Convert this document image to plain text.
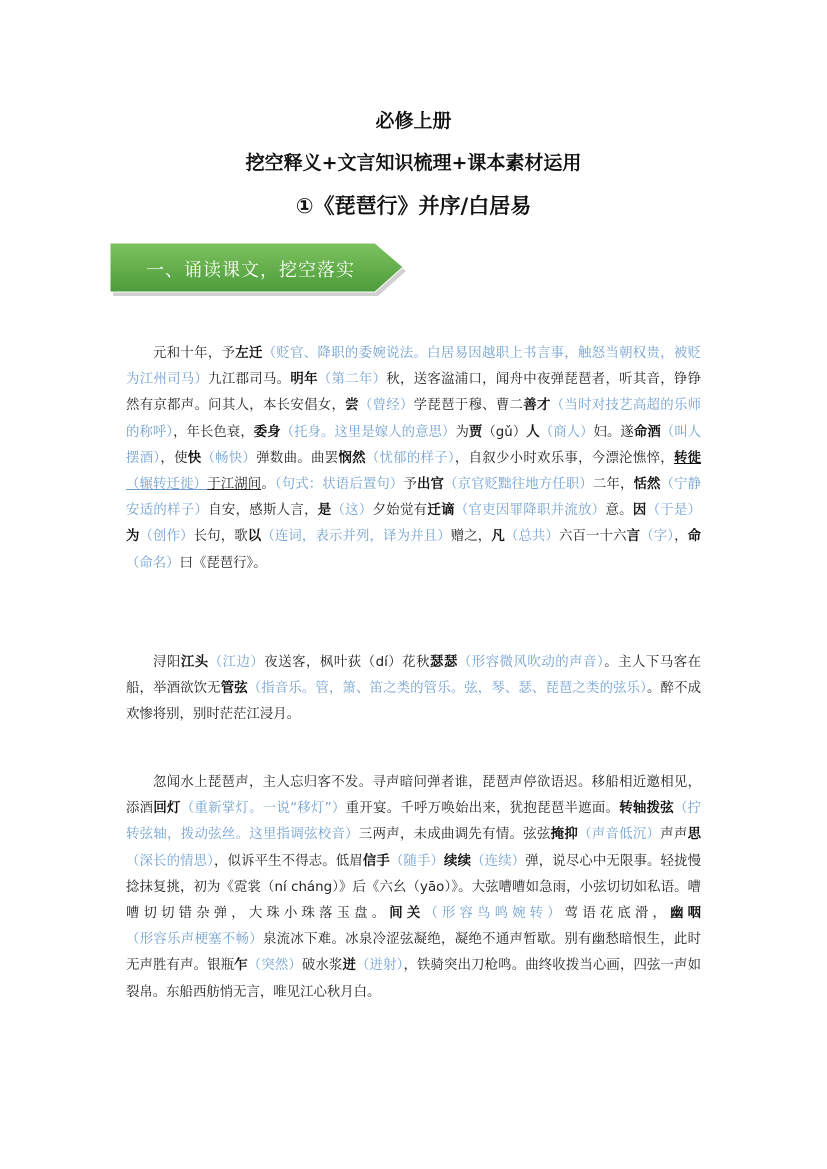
必修上册
挖空释义+文言知识梳理+课本素材运用
①《琵琶行》并序/白居易
一、诵读课文，挖空落实

元和十年，予左迁（贬官、降职的委婉说法。白居易因越职上书言事，触怒当朝权贵，被贬为江州司马）九江郡司马。明年（第二年）秋，送客湓浦口，闻舟中夜弹琵琶者，听其音，铮铮然有京都声。问其人，本长安倡女，尝（曾经）学琵琶于穆、曹二善才（当时对技艺高超的乐师的称呼），年长色衰，委身（托身。这里是嫁人的意思）为贾（gǔ）人（商人）妇。遂命酒（叫人摆酒），使快（畅快）弹数曲。曲罢悯然（忧郁的样子），自叙少小时欢乐事，今漂沦憔悴，转徙（辗转迁徙）于江湖间。（句式：状语后置句）予出官（京官贬黜往地方任职）二年，恬然（宁静安适的样子）自安，感斯人言，是（这）夕始觉有迁谪（官吏因罪降职并流放）意。因（于是）为（创作）长句，歌以（连词，表示并列，译为并且）赠之，凡（总共）六百一十六言（字），命（命名）曰《琵琶行》。

浔阳江头（江边）夜送客，枫叶荻（dí）花秋瑟瑟（形容微风吹动的声音）。主人下马客在船，举酒欲饮无管弦（指音乐。管，箫、笛之类的管乐。弦，琴、瑟、琵琶之类的弦乐）。醉不成欢惨将别，别时茫茫江浸月。

忽闻水上琵琶声，主人忘归客不发。寻声暗问弹者谁，琵琶声停欲语迟。移船相近邀相见，添酒回灯（重新掌灯。一说“移灯”）重开宴。千呼万唤始出来，犹抱琵琶半遮面。转轴拨弦（拧转弦轴，拨动弦丝。这里指调弦校音）三两声，未成曲调先有情。弦弦掩抑（声音低沉）声声思（深长的情思），似诉平生不得志。低眉信手（随手）续续（连续）弹，说尽心中无限事。轻拢慢捻抹复挑，初为《霓裳（ní cháng）》后《六幺（yāo）》。大弦嘈嘈如急雨，小弦切切如私语。嘈嘈切切错杂弹，大珠小珠落玉盘。间关（形容鸟鸣婉转）莺语花底滑，幽咽（形容乐声梗塞不畅）泉流冰下难。冰泉冷涩弦凝绝，凝绝不通声暂歇。别有幽愁暗恨生，此时无声胜有声。银瓶乍（突然）破水浆迸（迸射），铁骑突出刀枪鸣。曲终收拨当心画，四弦一声如裂帛。东船西舫悄无言，唯见江心秋月白。
